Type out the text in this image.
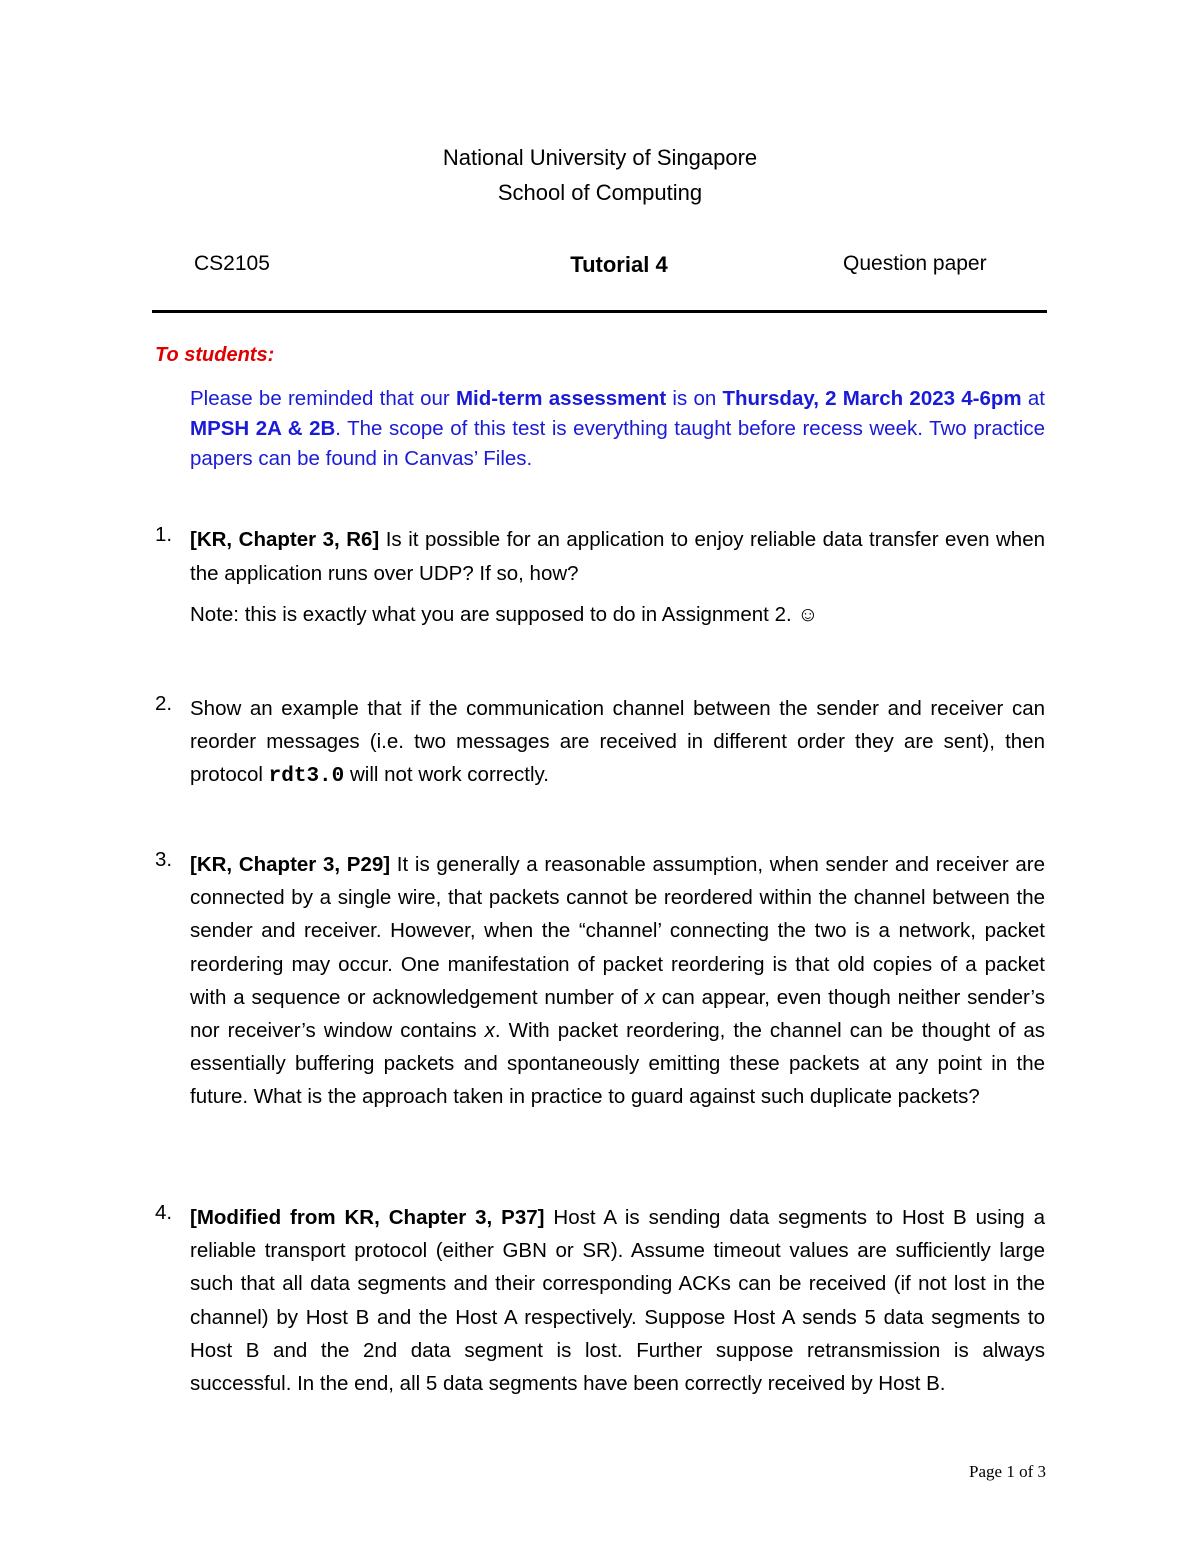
National University of Singapore
School of Computing
CS2105	Tutorial 4	Question paper
To students:
Please be reminded that our Mid-term assessment is on Thursday, 2 March 2023 4-6pm at MPSH 2A & 2B. The scope of this test is everything taught before recess week. Two practice papers can be found in Canvas’ Files.
1. [KR, Chapter 3, R6] Is it possible for an application to enjoy reliable data transfer even when the application runs over UDP? If so, how?
Note: this is exactly what you are supposed to do in Assignment 2. ☺
2. Show an example that if the communication channel between the sender and receiver can reorder messages (i.e. two messages are received in different order they are sent), then protocol rdt3.0 will not work correctly.
3. [KR, Chapter 3, P29] It is generally a reasonable assumption, when sender and receiver are connected by a single wire, that packets cannot be reordered within the channel between the sender and receiver. However, when the “channel’ connecting the two is a network, packet reordering may occur. One manifestation of packet reordering is that old copies of a packet with a sequence or acknowledgement number of x can appear, even though neither sender’s nor receiver’s window contains x. With packet reordering, the channel can be thought of as essentially buffering packets and spontaneously emitting these packets at any point in the future. What is the approach taken in practice to guard against such duplicate packets?
4. [Modified from KR, Chapter 3, P37] Host A is sending data segments to Host B using a reliable transport protocol (either GBN or SR). Assume timeout values are sufficiently large such that all data segments and their corresponding ACKs can be received (if not lost in the channel) by Host B and the Host A respectively. Suppose Host A sends 5 data segments to Host B and the 2nd data segment is lost. Further suppose retransmission is always successful. In the end, all 5 data segments have been correctly received by Host B.
Page 1 of 3
